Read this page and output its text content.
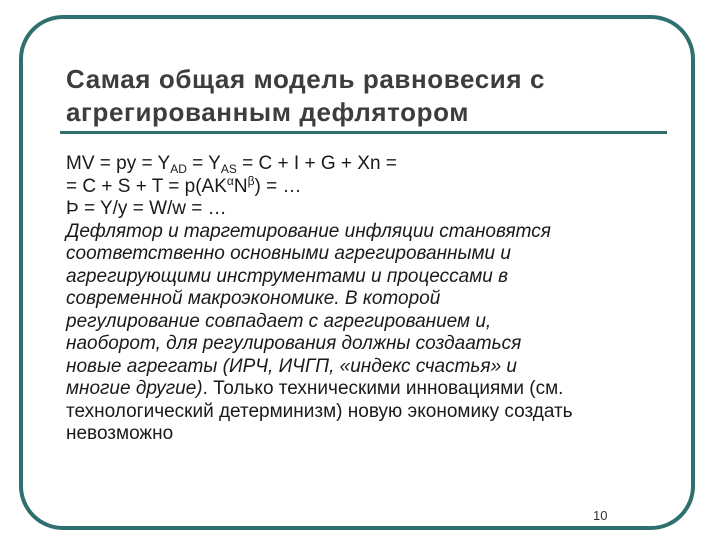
Самая общая модель равновесия с
агрегированным дефлятором
MV = py = $Y_{AD} = Y_{AS} = C + I + G + Xn$ =
= $C + S + T = p(AK^\alpha N^\beta)$ = …
Þ = Y/y = W/w = …
Дефлятор и таргетирование инфляции становятся
соответственно основными агрегированными и
агрегирующими инструментами и процессами в
современной макроэкономике. В которой
регулирование совпадает с агрегированием и,
наоборот, для регулирования должны создааться
новые агрегаты (ИРЧ, ИЧГП, «индекс счастья» и
многие другие). Только техническими инновациями (см.
технологический детерминизм) новую экономику создать
невозможно
10
